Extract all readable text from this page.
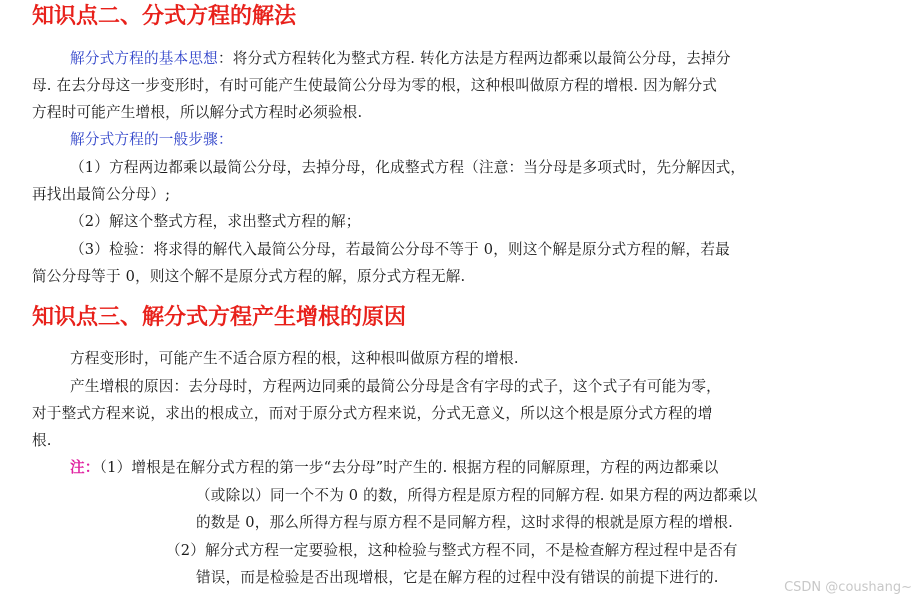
知识点二、分式方程的解法
解分式方程的基本思想：将分式方程转化为整式方程. 转化方法是方程两边都乘以最简公分母，去掉分
母. 在去分母这一步变形时，有时可能产生使最简公分母为零的根，这种根叫做原方程的增根. 因为解分式
方程时可能产生增根，所以解分式方程时必须验根.
解分式方程的一般步骤：
（1）方程两边都乘以最简公分母，去掉分母，化成整式方程（注意：当分母是多项式时，先分解因式，
再找出最简公分母）;
（2）解这个整式方程，求出整式方程的解；
（3）检验：将求得的解代入最简公分母，若最简公分母不等于 0，则这个解是原分式方程的解，若最
简公分母等于 0，则这个解不是原分式方程的解，原分式方程无解.
知识点三、解分式方程产生增根的原因
方程变形时，可能产生不适合原方程的根，这种根叫做原方程的增根.
产生增根的原因：去分母时，方程两边同乘的最简公分母是含有字母的式子，这个式子有可能为零，
对于整式方程来说，求出的根成立，而对于原分式方程来说，分式无意义，所以这个根是原分式方程的增
根.
注：（1）增根是在解分式方程的第一步“去分母”时产生的. 根据方程的同解原理，方程的两边都乘以
（或除以）同一个不为 0 的数，所得方程是原方程的同解方程. 如果方程的两边都乘以
的数是 0，那么所得方程与原方程不是同解方程，这时求得的根就是原方程的增根.
（2）解分式方程一定要验根，这种检验与整式方程不同，不是检查解方程过程中是否有
错误，而是检验是否出现增根，它是在解方程的过程中没有错误的前提下进行的.
CSDN @coushang~
